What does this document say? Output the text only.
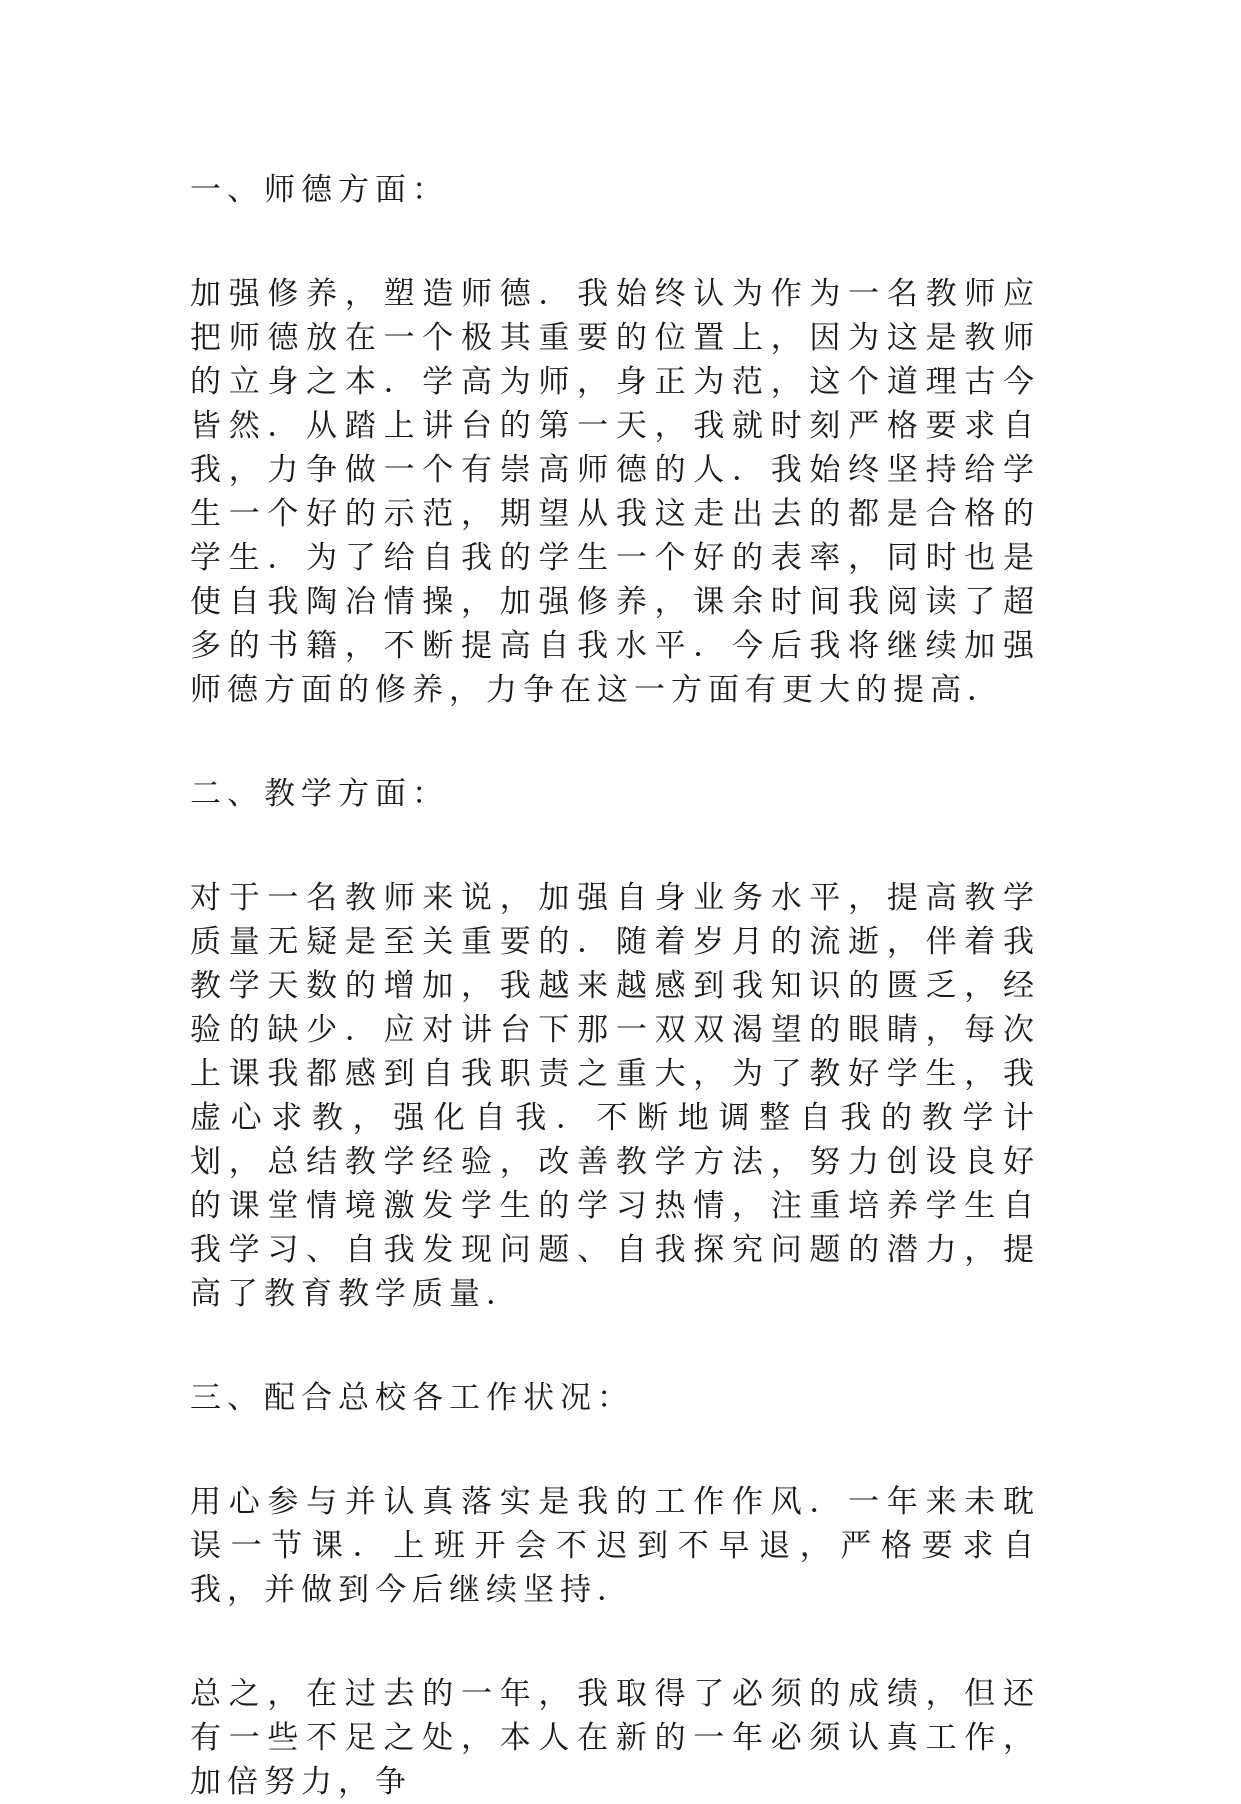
一、师德方面：

加强修养，塑造师德．我始终认为作为一名教师应把师德放在一个极其重要的位置上，因为这是教师的立身之本．学高为师，身正为范，这个道理古今皆然．从踏上讲台的第一天，我就时刻严格要求自我，力争做一个有崇高师德的人．我始终坚持给学生一个好的示范，期望从我这走出去的都是合格的学生．为了给自我的学生一个好的表率，同时也是使自我陶冶情操，加强修养，课余时间我阅读了超多的书籍，不断提高自我水平．今后我将继续加强师德方面的修养，力争在这一方面有更大的提高．

二、教学方面：

对于一名教师来说，加强自身业务水平，提高教学质量无疑是至关重要的．随着岁月的流逝，伴着我教学天数的增加，我越来越感到我知识的匮乏，经验的缺少．应对讲台下那一双双渴望的眼睛，每次上课我都感到自我职责之重大，为了教好学生，我虚心求教，强化自我．不断地调整自我的教学计划，总结教学经验，改善教学方法，努力创设良好的课堂情境激发学生的学习热情，注重培养学生自我学习、自我发现问题、自我探究问题的潜力，提高了教育教学质量．

三、配合总校各工作状况：

用心参与并认真落实是我的工作作风．一年来未耽误一节课．上班开会不迟到不早退，严格要求自我，并做到今后继续坚持．

总之，在过去的一年，我取得了必须的成绩，但还有一些不足之处，本人在新的一年必须认真工作，加倍努力，争
